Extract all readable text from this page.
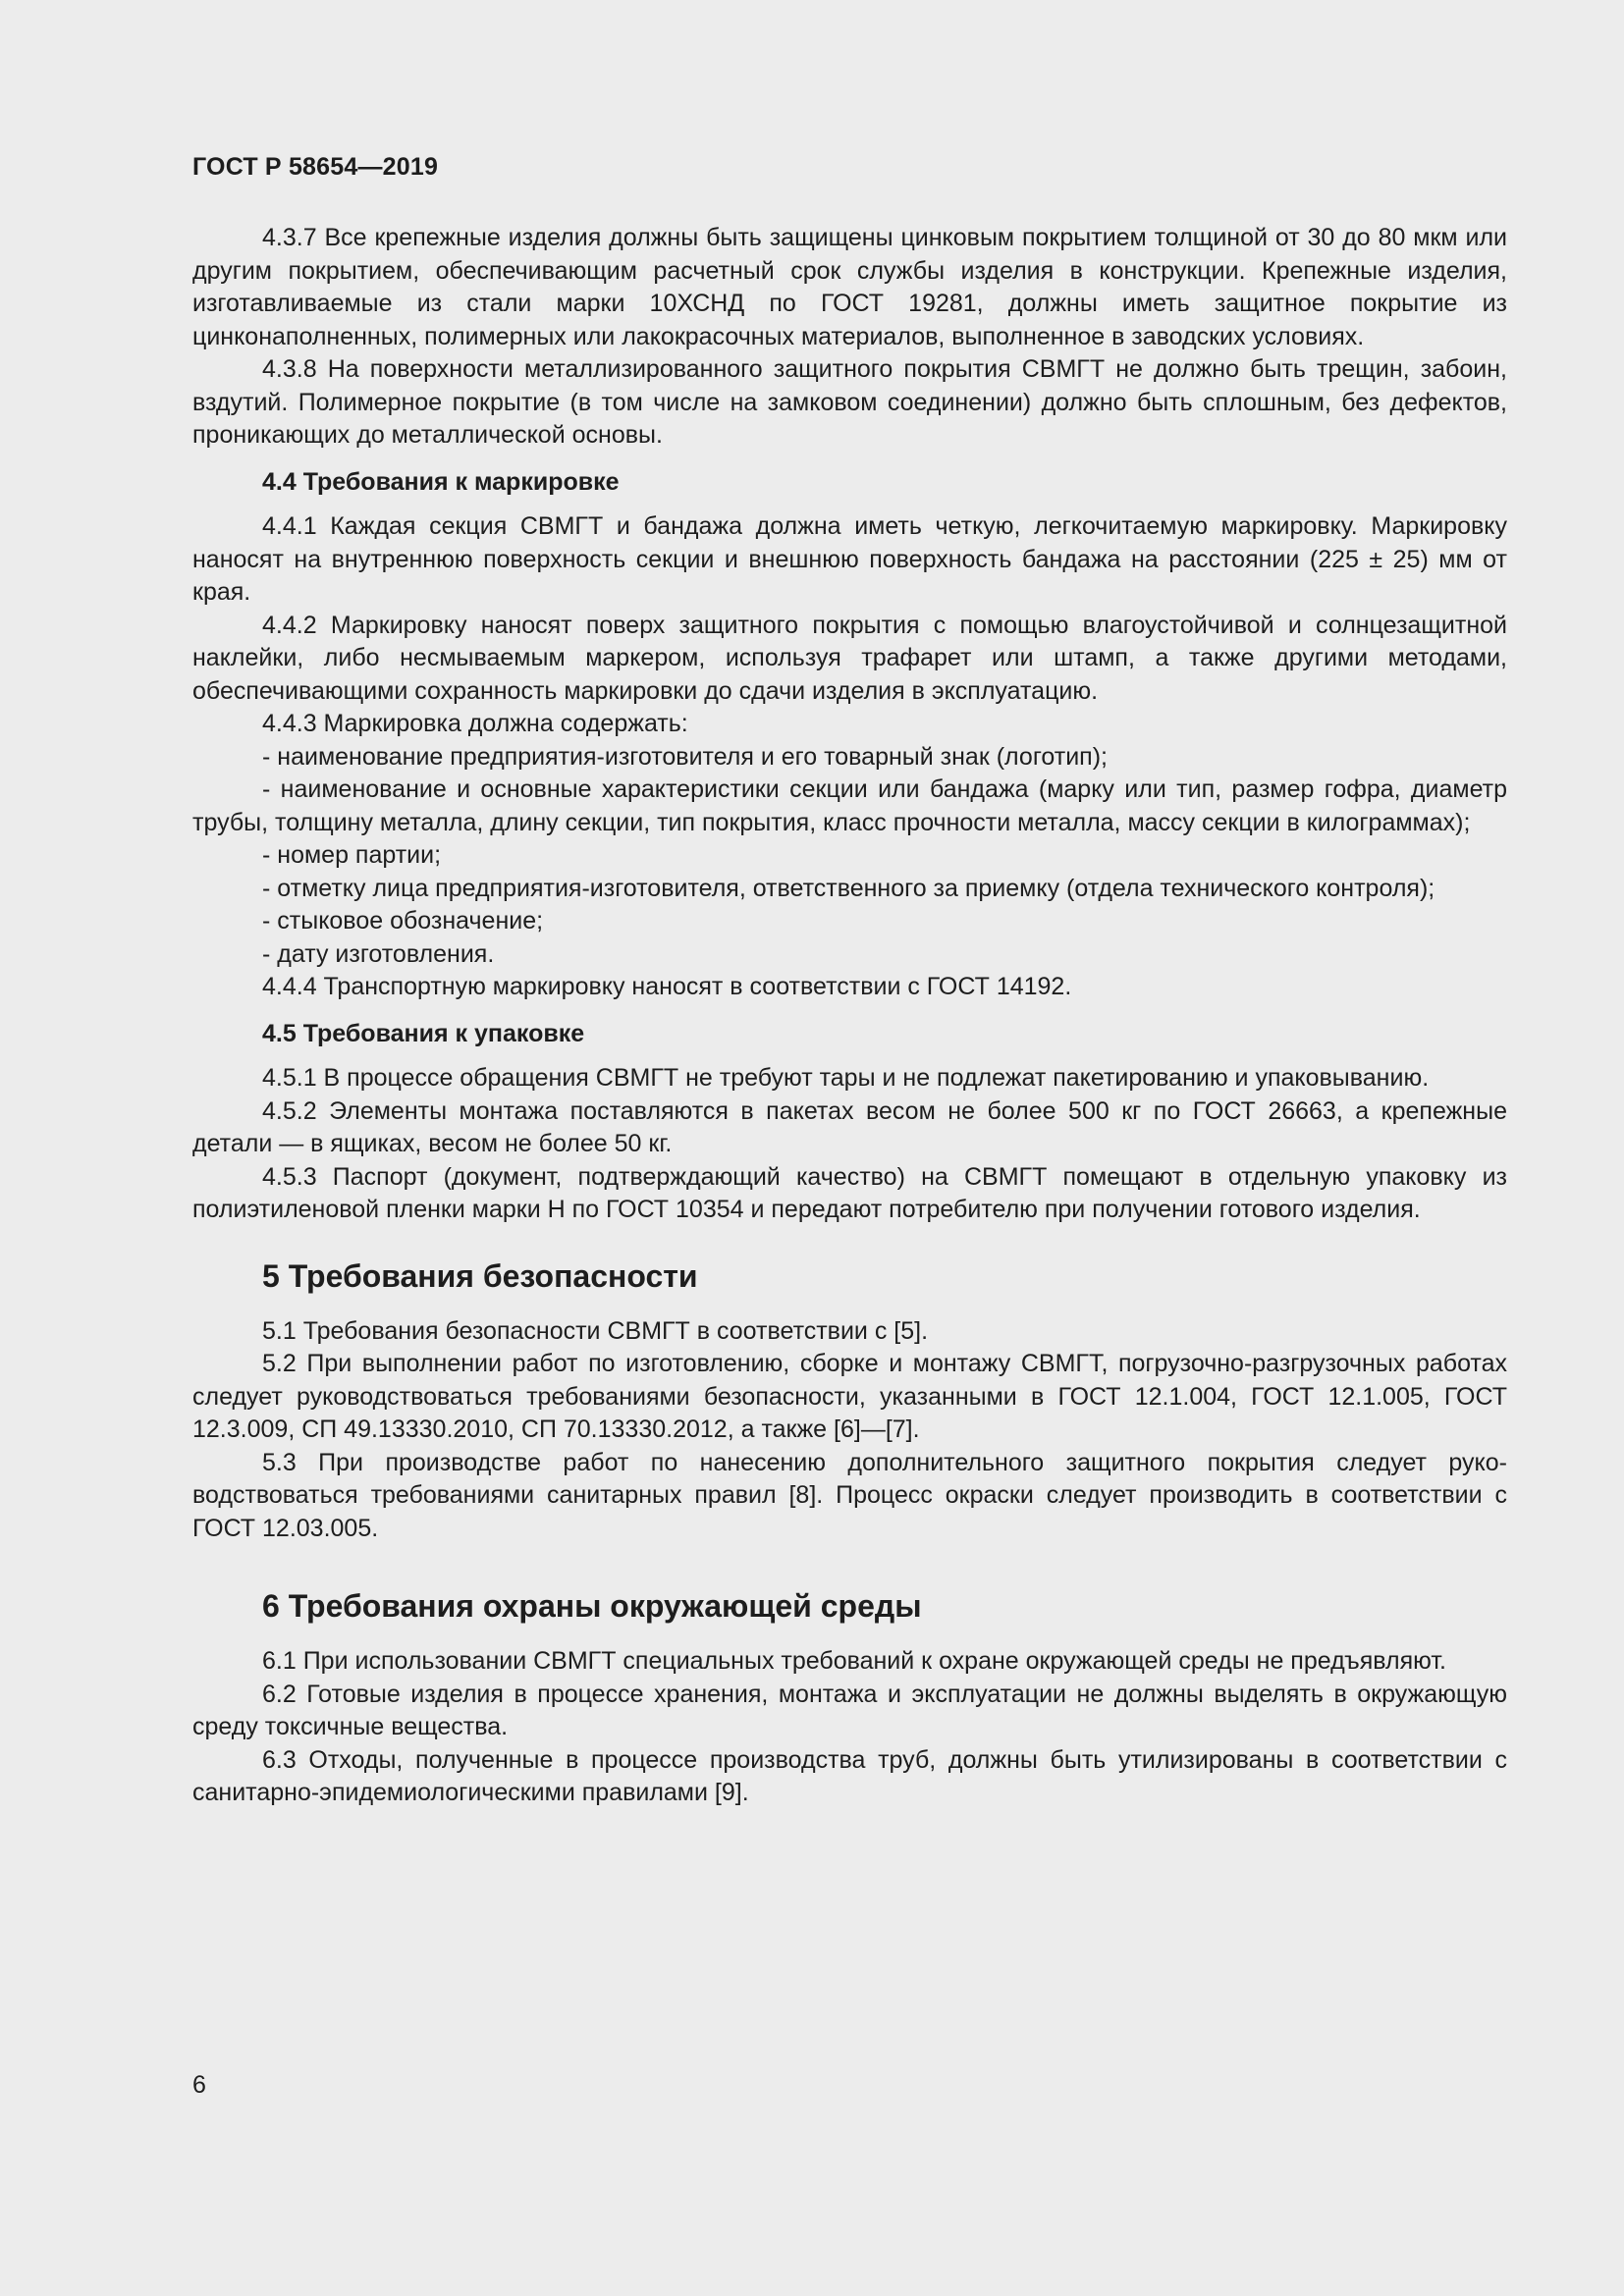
ГОСТ Р 58654—2019

4.3.7 Все крепежные изделия должны быть защищены цинковым покрытием толщиной от 30 до 80 мкм или другим покрытием, обеспечивающим расчетный срок службы изделия в конструкции. Крепежные изделия, изготавливаемые из стали марки 10ХСНД по ГОСТ 19281, должны иметь защитное покрытие из цинконаполненных, полимерных или лакокрасочных материалов, выполненное в заводских условиях.

4.3.8 На поверхности металлизированного защитного покрытия СВМГТ не должно быть трещин, забоин, вздутий. Полимерное покрытие (в том числе на замковом соединении) должно быть сплошным, без дефектов, проникающих до металлической основы.

4.4 Требования к маркировке

4.4.1 Каждая секция СВМГТ и бандажа должна иметь четкую, легкочитаемую маркировку. Маркировку наносят на внутреннюю поверхность секции и внешнюю поверхность бандажа на расстоянии (225 ± 25) мм от края.

4.4.2 Маркировку наносят поверх защитного покрытия с помощью влагоустойчивой и солнцезащитной наклейки, либо несмываемым маркером, используя трафарет или штамп, а также другими методами, обеспечивающими сохранность маркировки до сдачи изделия в эксплуатацию.

4.4.3 Маркировка должна содержать:

- наименование предприятия-изготовителя и его товарный знак (логотип);

- наименование и основные характеристики секции или бандажа (марку или тип, размер гофра, диаметр трубы, толщину металла, длину секции, тип покрытия, класс прочности металла, массу секции в килограммах);

- номер партии;

- отметку лица предприятия-изготовителя, ответственного за приемку (отдела технического контроля);

- стыковое обозначение;

- дату изготовления.

4.4.4 Транспортную маркировку наносят в соответствии с ГОСТ 14192.

4.5 Требования к упаковке

4.5.1 В процессе обращения СВМГТ не требуют тары и не подлежат пакетированию и упаковыванию.

4.5.2 Элементы монтажа поставляются в пакетах весом не более 500 кг по ГОСТ 26663, а крепежные детали — в ящиках, весом не более 50 кг.

4.5.3 Паспорт (документ, подтверждающий качество) на СВМГТ помещают в отдельную упаковку из полиэтиленовой пленки марки Н по ГОСТ 10354 и передают потребителю при получении готового изделия.

5 Требования безопасности

5.1 Требования безопасности СВМГТ в соответствии с [5].

5.2 При выполнении работ по изготовлению, сборке и монтажу СВМГТ, погрузочно-разгрузочных работах следует руководствоваться требованиями безопасности, указанными в ГОСТ 12.1.004, ГОСТ 12.1.005, ГОСТ 12.3.009, СП 49.13330.2010, СП 70.13330.2012, а также [6]—[7].

5.3 При производстве работ по нанесению дополнительного защитного покрытия следует руководствоваться требованиями санитарных правил [8]. Процесс окраски следует производить в соответствии с ГОСТ 12.03.005.

6 Требования охраны окружающей среды

6.1 При использовании СВМГТ специальных требований к охране окружающей среды не предъявляют.

6.2 Готовые изделия в процессе хранения, монтажа и эксплуатации не должны выделять в окружающую среду токсичные вещества.

6.3 Отходы, полученные в процессе производства труб, должны быть утилизированы в соответствии с санитарно-эпидемиологическими правилами [9].

6
